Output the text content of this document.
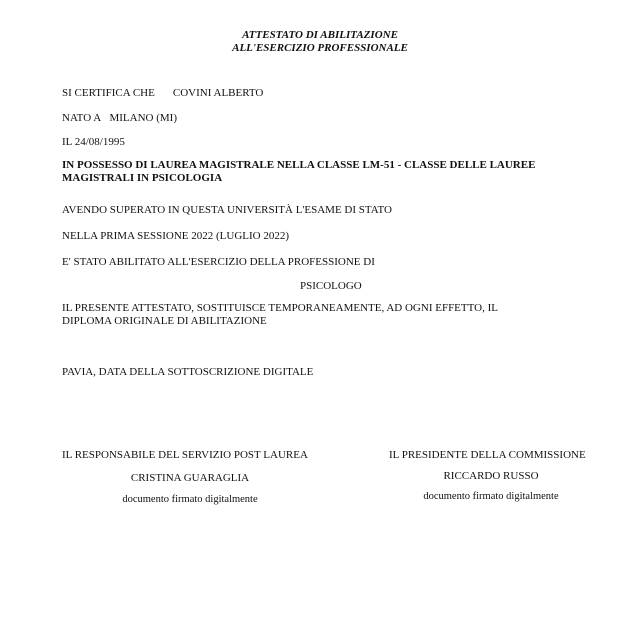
ATTESTATO DI ABILITAZIONE
ALL'ESERCIZIO PROFESSIONALE
SI CERTIFICA CHE COVINI ALBERTO
NATO A MILANO (MI)
IL 24/08/1995
IN POSSESSO DI LAUREA MAGISTRALE NELLA CLASSE LM-51 - CLASSE DELLE LAUREE
MAGISTRALI IN PSICOLOGIA
AVENDO SUPERATO IN QUESTA UNIVERSITÀ L'ESAME DI STATO
NELLA PRIMA SESSIONE 2022 (LUGLIO 2022)
E' STATO ABILITATO ALL'ESERCIZIO DELLA PROFESSIONE DI
PSICOLOGO
IL PRESENTE ATTESTATO, SOSTITUISCE TEMPORANEAMENTE, AD OGNI EFFETTO, IL
DIPLOMA ORIGINALE DI ABILITAZIONE
PAVIA, DATA DELLA SOTTOSCRIZIONE DIGITALE
IL RESPONSABILE DEL SERVIZIO POST LAUREA	IL PRESIDENTE DELLA COMMISSIONE
CRISTINA GUARAGLIA	RICCARDO RUSSO
documento firmato digitalmente	documento firmato digitalmente
